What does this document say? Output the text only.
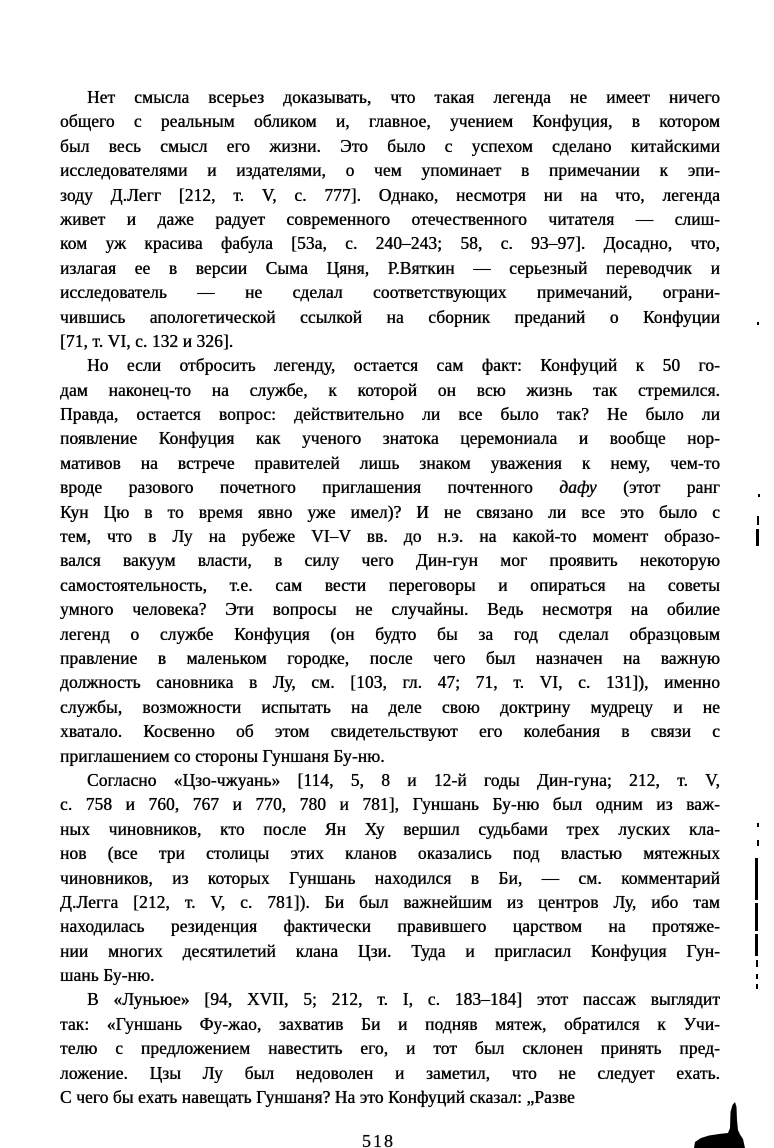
Нет смысла всерьез доказывать, что такая легенда не имеет ничего
общего с реальным обликом и, главное, учением Конфуция, в котором
был весь смысл его жизни. Это было с успехом сделано китайскими
исследователями и издателями, о чем упоминает в примечании к эпи-
зоду Д.Легг [212, т. V, с. 777]. Однако, несмотря ни на что, легенда
живет и даже радует современного отечественного читателя — слиш-
ком уж красива фабула [53а, с. 240–243; 58, с. 93–97]. Досадно, что,
излагая ее в версии Сыма Цяня, Р.Вяткин — серьезный переводчик и
исследователь — не сделал соответствующих примечаний, ограни-
чившись апологетической ссылкой на сборник преданий о Конфуции
[71, т. VI, с. 132 и 326].
Но если отбросить легенду, остается сам факт: Конфуций к 50 го-
дам наконец-то на службе, к которой он всю жизнь так стремился.
Правда, остается вопрос: действительно ли все было так? Не было ли
появление Конфуция как ученого знатока церемониала и вообще нор-
мативов на встрече правителей лишь знаком уважения к нему, чем-то
вроде разового почетного приглашения почтенного дафу (этот ранг
Кун Цю в то время явно уже имел)? И не связано ли все это было с
тем, что в Лу на рубеже VI–V вв. до н.э. на какой-то момент образо-
вался вакуум власти, в силу чего Дин-гун мог проявить некоторую
самостоятельность, т.е. сам вести переговоры и опираться на советы
умного человека? Эти вопросы не случайны. Ведь несмотря на обилие
легенд о службе Конфуция (он будто бы за год сделал образцовым
правление в маленьком городке, после чего был назначен на важную
должность сановника в Лу, см. [103, гл. 47; 71, т. VI, с. 131]), именно
службы, возможности испытать на деле свою доктрину мудрецу и не
хватало. Косвенно об этом свидетельствуют его колебания в связи с
приглашением со стороны Гуншаня Бу-ню.
Согласно «Цзо-чжуань» [114, 5, 8 и 12-й годы Дин-гуна; 212, т. V,
с. 758 и 760, 767 и 770, 780 и 781], Гуншань Бу-ню был одним из важ-
ных чиновников, кто после Ян Ху вершил судьбами трех луских кла-
нов (все три столицы этих кланов оказались под властью мятежных
чиновников, из которых Гуншань находился в Би, — см. комментарий
Д.Легга [212, т. V, с. 781]). Би был важнейшим из центров Лу, ибо там
находилась резиденция фактически правившего царством на протяже-
нии многих десятилетий клана Цзи. Туда и пригласил Конфуция Гун-
шань Бу-ню.
В «Луньюе» [94, XVII, 5; 212, т. I, с. 183–184] этот пассаж выглядит
так: «Гуншань Фу-жао, захватив Би и подняв мятеж, обратился к Учи-
телю с предложением навестить его, и тот был склонен принять пред-
ложение. Цзы Лу был недоволен и заметил, что не следует ехать.
С чего бы ехать навещать Гуншаня? На это Конфуций сказал: „Разве
518
